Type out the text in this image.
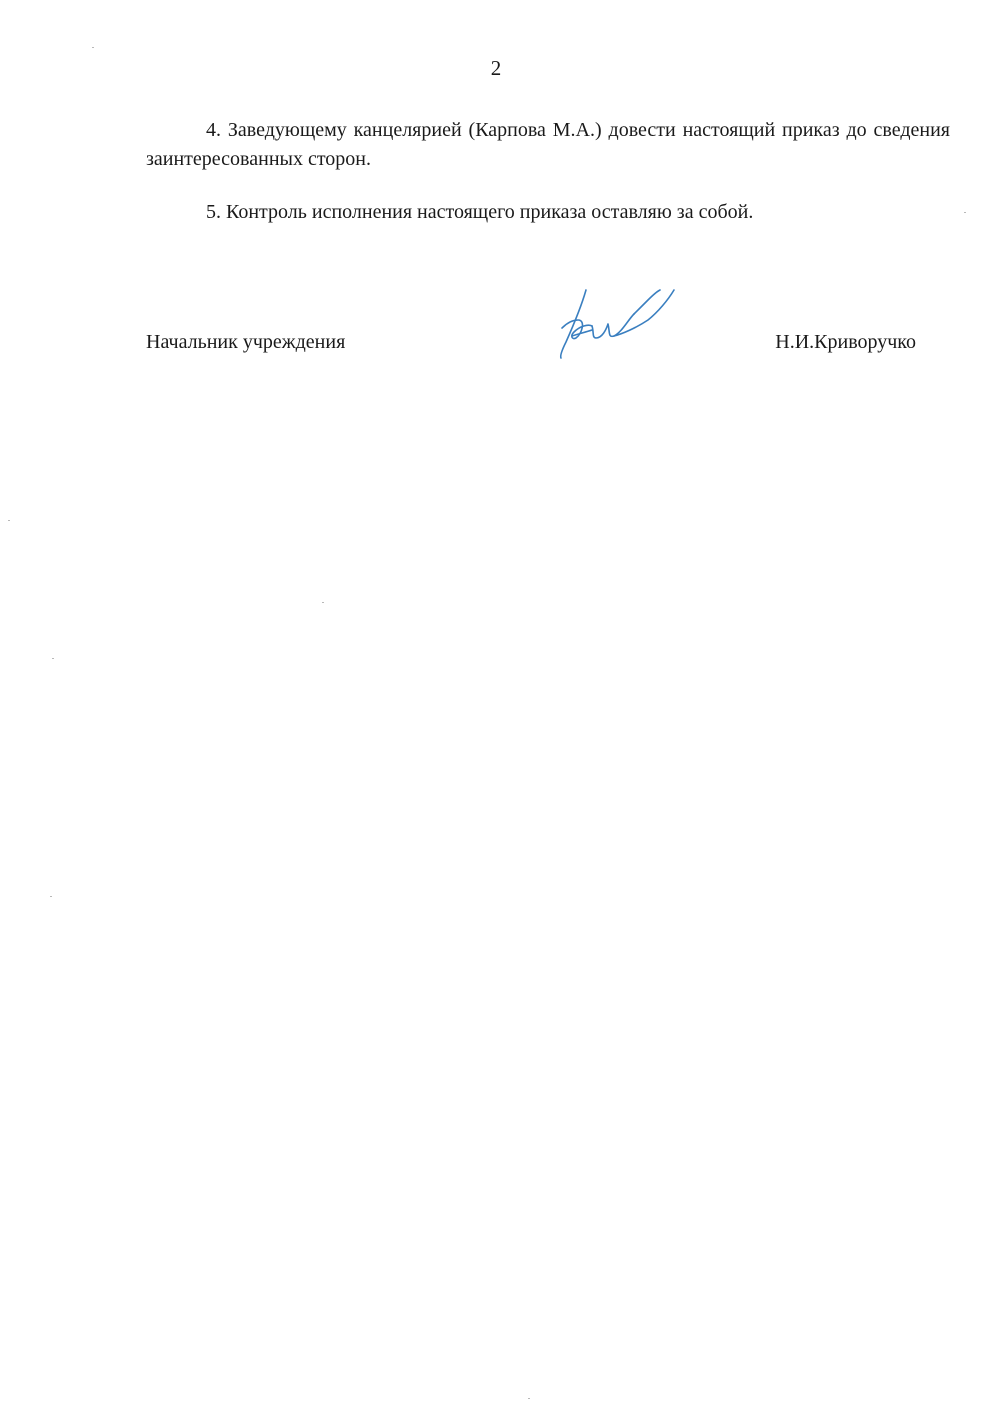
2

4. Заведующему канцелярией (Карпова М.А.) довести настоящий приказ до сведения заинтересованных сторон.

5. Контроль исполнения настоящего приказа оставляю за собой.

Начальник учреждения	Н.И.Криворучко
